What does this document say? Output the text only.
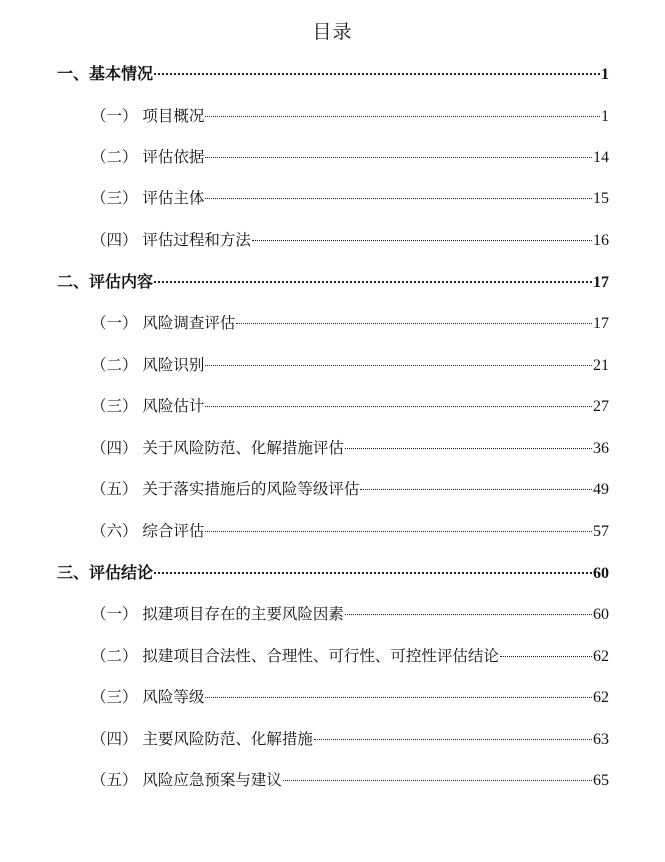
目录
一、基本情况	1
（一） 项目概况	1
（二） 评估依据	14
（三） 评估主体	15
（四） 评估过程和方法	16
二、评估内容	17
（一） 风险调查评估	17
（二） 风险识别	21
（三） 风险估计	27
（四） 关于风险防范、化解措施评估	36
（五） 关于落实措施后的风险等级评估	49
（六） 综合评估	57
三、评估结论	60
（一） 拟建项目存在的主要风险因素	60
（二） 拟建项目合法性、合理性、可行性、可控性评估结论	62
（三） 风险等级	62
（四） 主要风险防范、化解措施	63
（五） 风险应急预案与建议	65
